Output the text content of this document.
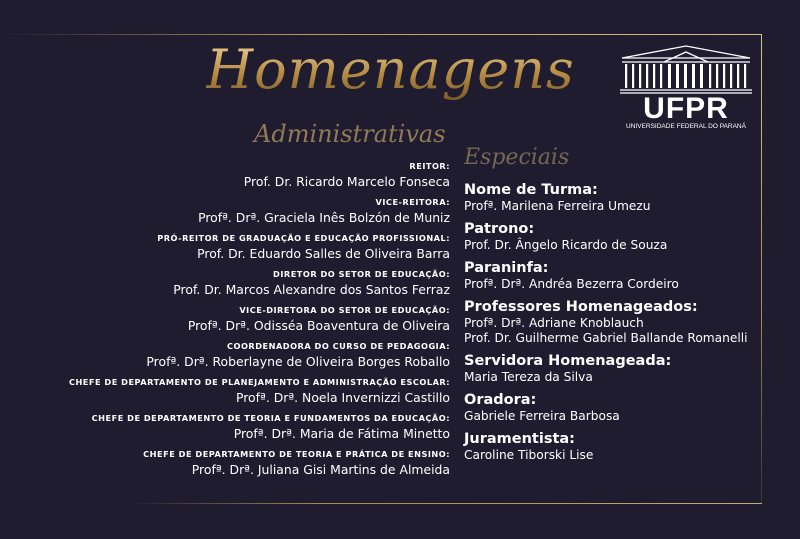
Homenagens
Administrativas
Especiais
UFPR
UNIVERSIDADE FEDERAL DO PARANÁ
REITOR:
Prof. Dr. Ricardo Marcelo Fonseca
VICE-REITORA:
Profª. Drª. Graciela Inês Bolzón de Muniz
PRÓ-REITOR DE GRADUAÇÃO E EDUCAÇÃO PROFISSIONAL:
Prof. Dr. Eduardo Salles de Oliveira Barra
DIRETOR DO SETOR DE EDUCAÇÃO:
Prof. Dr. Marcos Alexandre dos Santos Ferraz
VICE-DIRETORA DO SETOR DE EDUCAÇÃO:
Profª. Drª. Odisséa Boaventura de Oliveira
COORDENADORA DO CURSO DE PEDAGOGIA:
Profª. Drª. Roberlayne de Oliveira Borges Roballo
CHEFE DE DEPARTAMENTO DE PLANEJAMENTO E ADMINISTRAÇÃO ESCOLAR:
Profª. Drª. Noela Invernizzi Castillo
CHEFE DE DEPARTAMENTO DE TEORIA E FUNDAMENTOS DA EDUCAÇÃO:
Profª. Drª. Maria de Fátima Minetto
CHEFE DE DEPARTAMENTO DE TEORIA E PRÁTICA DE ENSINO:
Profª. Drª. Juliana Gisi Martins de Almeida
Nome de Turma:
Profª. Marilena Ferreira Umezu
Patrono:
Prof. Dr. Ângelo Ricardo de Souza
Paraninfa:
Profª. Drª. Andréa Bezerra Cordeiro
Professores Homenageados:
Profª. Drª. Adriane Knoblauch
Prof. Dr. Guilherme Gabriel Ballande Romanelli
Servidora Homenageada:
Maria Tereza da Silva
Oradora:
Gabriele Ferreira Barbosa
Juramentista:
Caroline Tiborski Lise
